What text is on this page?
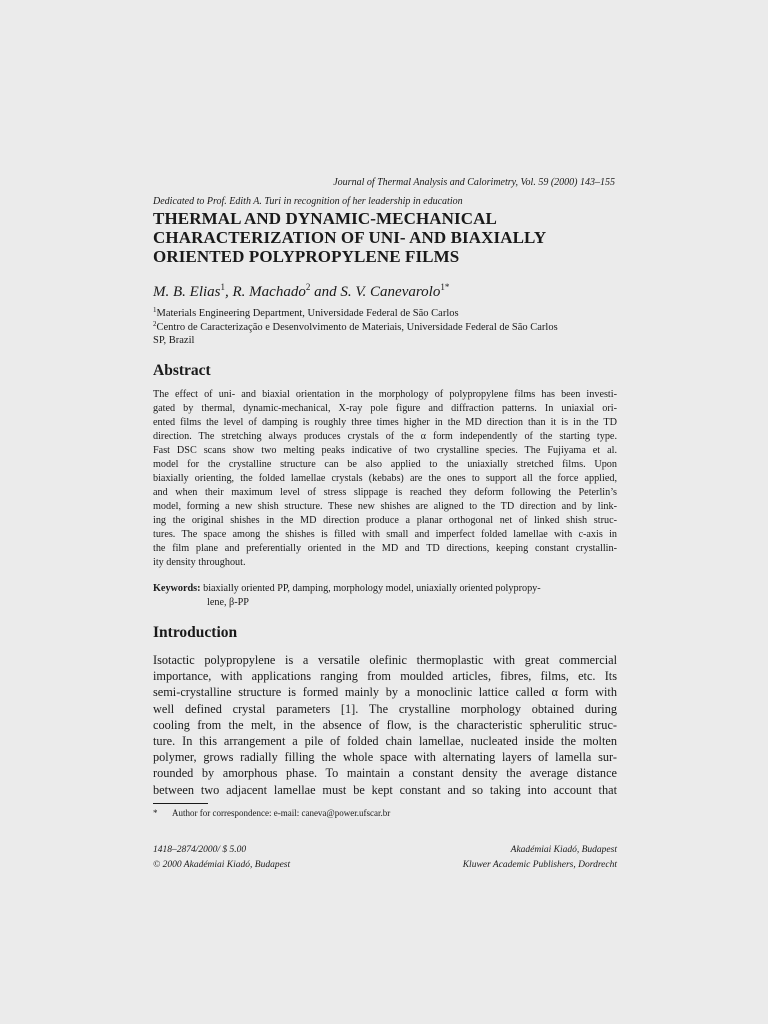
Journal of Thermal Analysis and Calorimetry, Vol. 59 (2000) 143–155
Dedicated to Prof. Edith A. Turi in recognition of her leadership in education
THERMAL AND DYNAMIC-MECHANICAL
CHARACTERIZATION OF UNI- AND BIAXIALLY
ORIENTED POLYPROPYLENE FILMS
M. B. Elias$^1$, R. Machado$^2$ and S. V. Canevarolo$^{1*}$
$^1$Materials Engineering Department, Universidade Federal de São Carlos
$^2$Centro de Caracterização e Desenvolvimento de Materiais, Universidade Federal de São Carlos
SP, Brazil
Abstract
The effect of uni- and biaxial orientation in the morphology of polypropylene films has been investi-
gated by thermal, dynamic-mechanical, X-ray pole figure and diffraction patterns. In uniaxial ori-
ented films the level of damping is roughly three times higher in the MD direction than it is in the TD
direction. The stretching always produces crystals of the α form independently of the starting type.
Fast DSC scans show two melting peaks indicative of two crystalline species. The Fujiyama et al.
model for the crystalline structure can be also applied to the uniaxially stretched films. Upon
biaxially orienting, the folded lamellae crystals (kebabs) are the ones to support all the force applied,
and when their maximum level of stress slippage is reached they deform following the Peterlin’s
model, forming a new shish structure. These new shishes are aligned to the TD direction and by link-
ing the original shishes in the MD direction produce a planar orthogonal net of linked shish struc-
tures. The space among the shishes is filled with small and imperfect folded lamellae with c-axis in
the film plane and preferentially oriented in the MD and TD directions, keeping constant crystallin-
ity density throughout.
Keywords: biaxially oriented PP, damping, morphology model, uniaxially oriented polypropy-
lene, β-PP
Introduction
Isotactic polypropylene is a versatile olefinic thermoplastic with great commercial
importance, with applications ranging from moulded articles, fibres, films, etc. Its
semi-crystalline structure is formed mainly by a monoclinic lattice called α form with
well defined crystal parameters [1]. The crystalline morphology obtained during
cooling from the melt, in the absence of flow, is the characteristic spherulitic struc-
ture. In this arrangement a pile of folded chain lamellae, nucleated inside the molten
polymer, grows radially filling the whole space with alternating layers of lamella sur-
rounded by amorphous phase. To maintain a constant density the average distance
between two adjacent lamellae must be kept constant and so taking into account that
* Author for correspondence: e-mail: caneva@power.ufscar.br
1418–2874/2000/ $ 5.00
© 2000 Akadémiai Kiadó, Budapest
Akadémiai Kiadó, Budapest
Kluwer Academic Publishers, Dordrecht
